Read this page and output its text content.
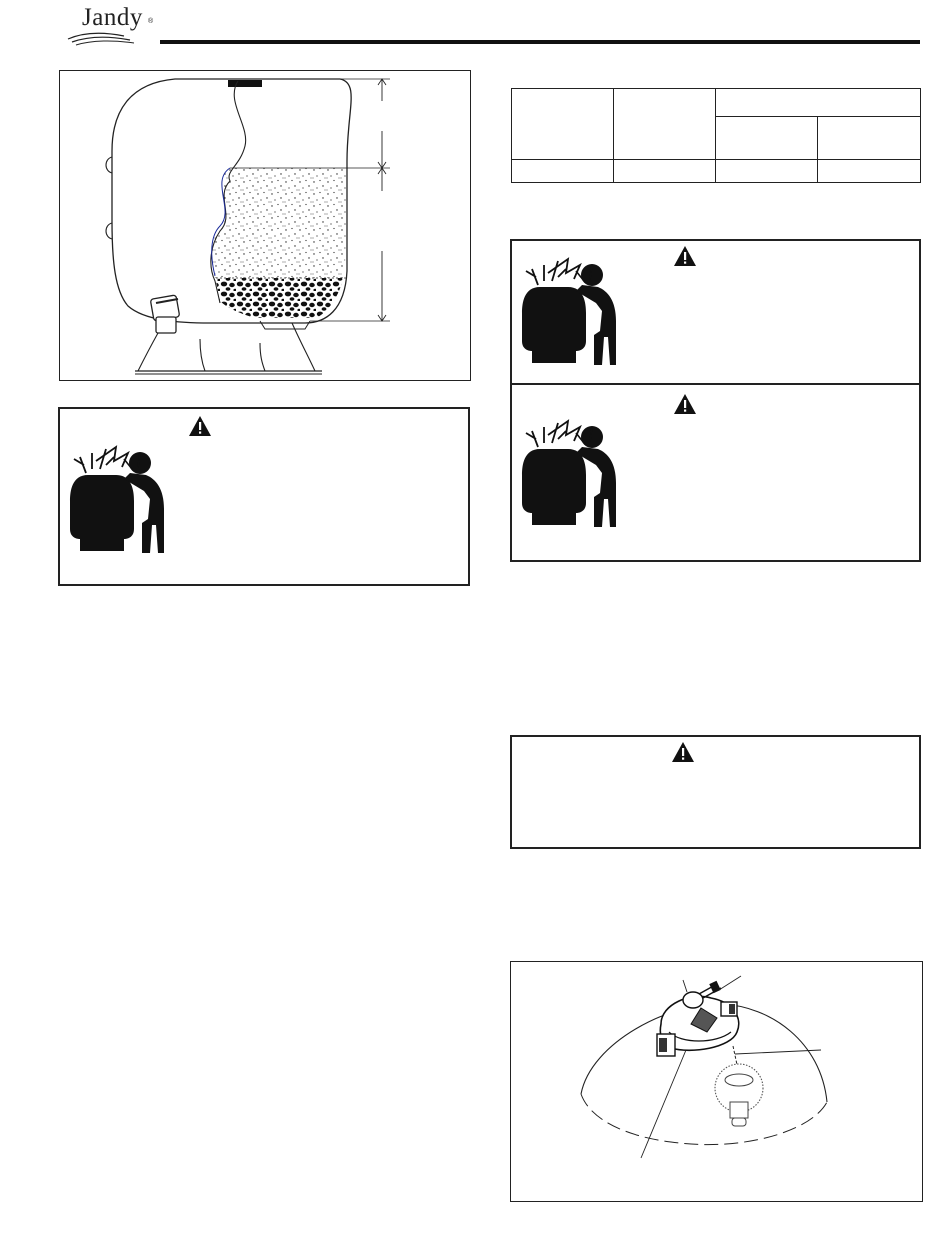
Jandy ®
